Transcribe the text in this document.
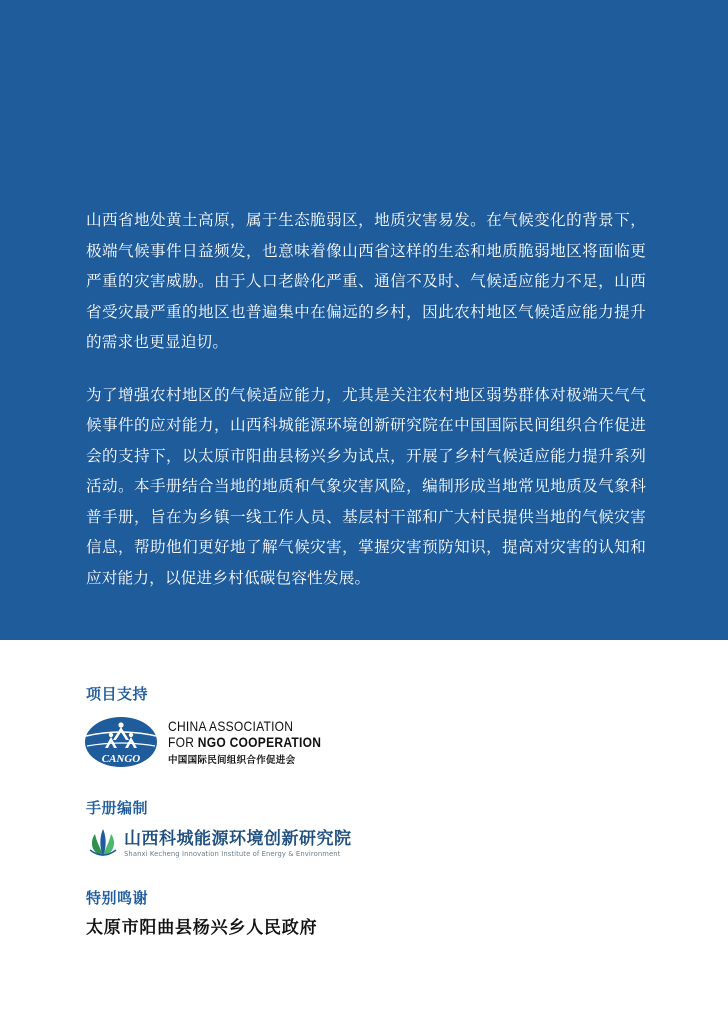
山西省地处黄土高原，属于生态脆弱区，地质灾害易发。在气候变化的背景下，极端气候事件日益频发，也意味着像山西省这样的生态和地质脆弱地区将面临更严重的灾害威胁。由于人口老龄化严重、通信不及时、气候适应能力不足，山西省受灾最严重的地区也普遍集中在偏远的乡村，因此农村地区气候适应能力提升的需求也更显迫切。

为了增强农村地区的气候适应能力，尤其是关注农村地区弱势群体对极端天气气候事件的应对能力，山西科城能源环境创新研究院在中国国际民间组织合作促进会的支持下，以太原市阳曲县杨兴乡为试点，开展了乡村气候适应能力提升系列活动。本手册结合当地的地质和气象灾害风险，编制形成当地常见地质及气象科普手册，旨在为乡镇一线工作人员、基层村干部和广大村民提供当地的气候灾害信息，帮助他们更好地了解气候灾害，掌握灾害预防知识，提高对灾害的认知和应对能力，以促进乡村低碳包容性发展。

项目支持
CANGO
CHINA ASSOCIATION
FOR NGO COOPERATION
中国国际民间组织合作促进会
手册编制
山西科城能源环境创新研究院
Shanxi Kecheng Innovation Institute of Energy & Environment
特别鸣谢
太原市阳曲县杨兴乡人民政府
